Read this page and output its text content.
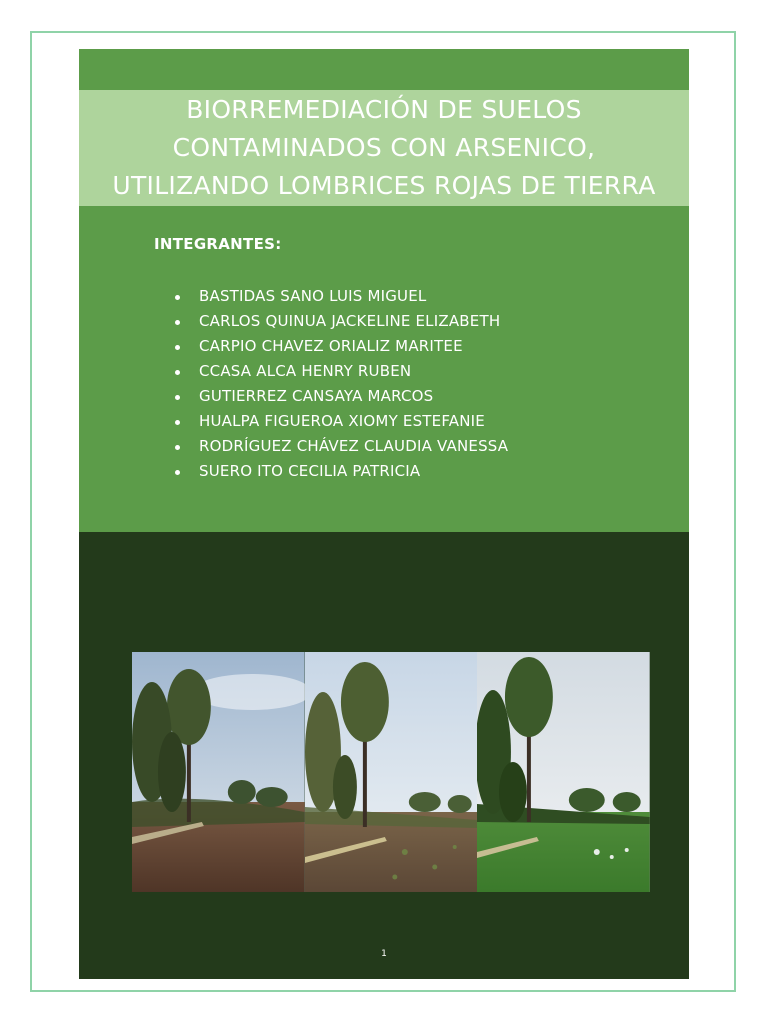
BIORREMEDIACIÓN DE SUELOS
CONTAMINADOS CON ARSENICO,
UTILIZANDO LOMBRICES ROJAS DE TIERRA
INTEGRANTES:
BASTIDAS SANO LUIS MIGUEL
CARLOS QUINUA JACKELINE ELIZABETH
CARPIO CHAVEZ ORIALIZ MARITEE
CCASA ALCA HENRY RUBEN
GUTIERREZ CANSAYA MARCOS
HUALPA FIGUEROA XIOMY ESTEFANIE
RODRÍGUEZ CHÁVEZ CLAUDIA VANESSA
SUERO ITO CECILIA PATRICIA
1
